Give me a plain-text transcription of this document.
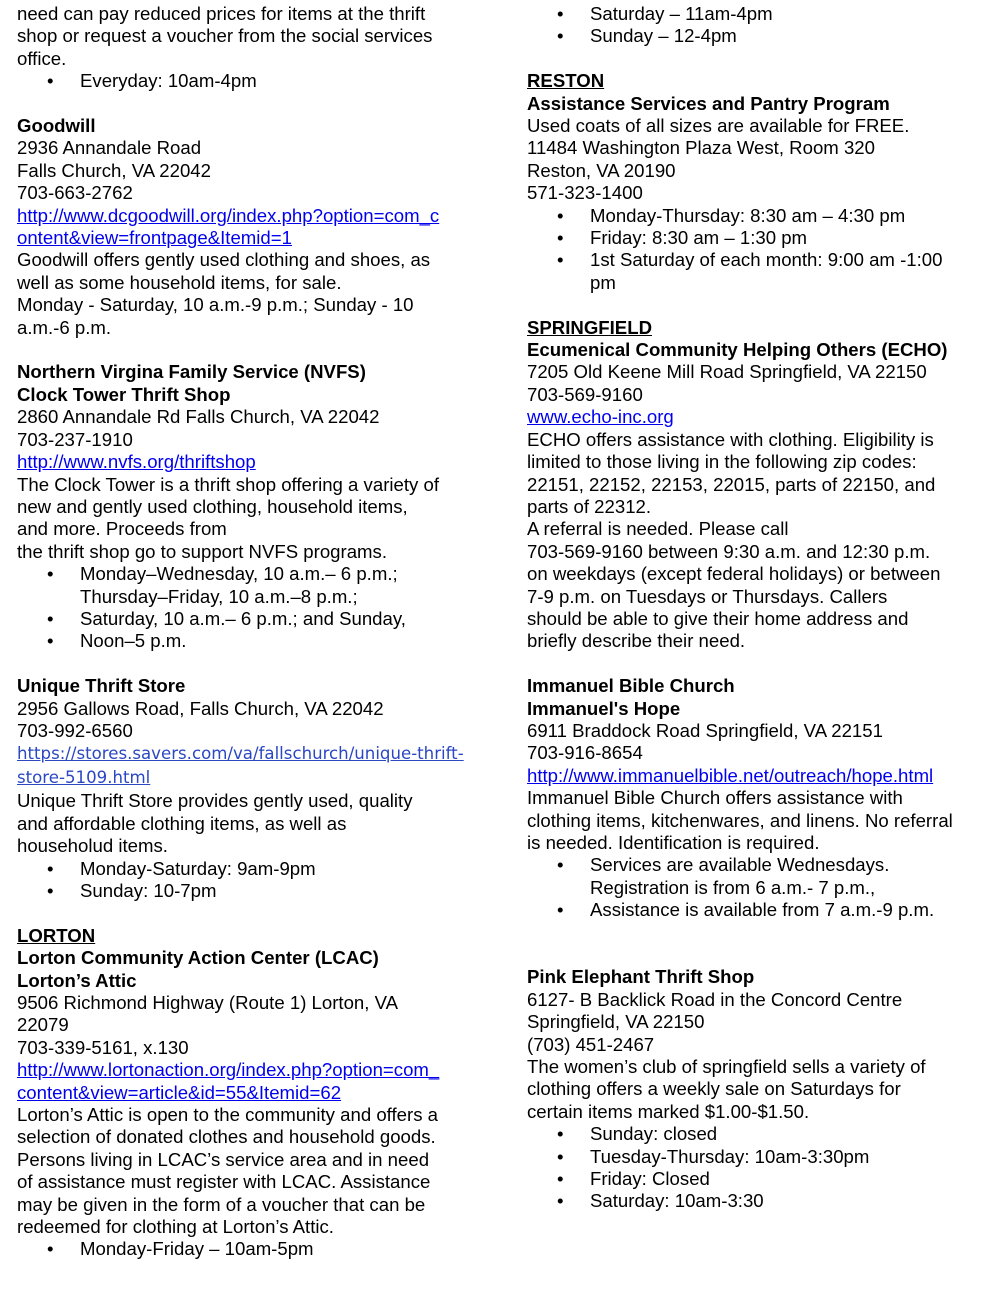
need can pay reduced prices for items at the thrift
shop or request a voucher from the social services
office.
• Everyday: 10am-4pm
Goodwill
2936 Annandale Road
Falls Church, VA 22042
703-663-2762
http://www.dcgoodwill.org/index.php?option=com_c
ontent&view=frontpage&Itemid=1
Goodwill offers gently used clothing and shoes, as
well as some household items, for sale.
Monday - Saturday, 10 a.m.-9 p.m.; Sunday - 10
a.m.-6 p.m.
Northern Virgina Family Service (NVFS)
Clock Tower Thrift Shop
2860 Annandale Rd Falls Church, VA 22042
703-237-1910
http://www.nvfs.org/thriftshop
The Clock Tower is a thrift shop offering a variety of
new and gently used clothing, household items,
and more. Proceeds from
the thrift shop go to support NVFS programs.
• Monday–Wednesday, 10 a.m.– 6 p.m.;
Thursday–Friday, 10 a.m.–8 p.m.;
• Saturday, 10 a.m.– 6 p.m.; and Sunday,
• Noon–5 p.m.
Unique Thrift Store
2956 Gallows Road, Falls Church, VA 22042
703-992-6560
https://stores.savers.com/va/fallschurch/unique-thrift-
store-5109.html
Unique Thrift Store provides gently used, quality
and affordable clothing items, as well as
householud items.
• Monday-Saturday: 9am-9pm
• Sunday: 10-7pm
LORTON
Lorton Community Action Center (LCAC)
Lorton’s Attic
9506 Richmond Highway (Route 1) Lorton, VA
22079
703-339-5161, x.130
http://www.lortonaction.org/index.php?option=com_
content&view=article&id=55&Itemid=62
Lorton’s Attic is open to the community and offers a
selection of donated clothes and household goods.
Persons living in LCAC’s service area and in need
of assistance must register with LCAC. Assistance
may be given in the form of a voucher that can be
redeemed for clothing at Lorton’s Attic.
• Monday-Friday – 10am-5pm
• Saturday – 11am-4pm
• Sunday – 12-4pm
RESTON
Assistance Services and Pantry Program
Used coats of all sizes are available for FREE.
11484 Washington Plaza West, Room 320
Reston, VA 20190
571-323-1400
• Monday-Thursday: 8:30 am – 4:30 pm
• Friday: 8:30 am – 1:30 pm
• 1st Saturday of each month: 9:00 am -1:00
pm
SPRINGFIELD
Ecumenical Community Helping Others (ECHO)
7205 Old Keene Mill Road Springfield, VA 22150
703-569-9160
www.echo-inc.org
ECHO offers assistance with clothing. Eligibility is
limited to those living in the following zip codes:
22151, 22152, 22153, 22015, parts of 22150, and
parts of 22312.
A referral is needed. Please call
703-569-9160 between 9:30 a.m. and 12:30 p.m.
on weekdays (except federal holidays) or between
7-9 p.m. on Tuesdays or Thursdays. Callers
should be able to give their home address and
briefly describe their need.
Immanuel Bible Church
Immanuel's Hope
6911 Braddock Road Springfield, VA 22151
703-916-8654
http://www.immanuelbible.net/outreach/hope.html
Immanuel Bible Church offers assistance with
clothing items, kitchenwares, and linens. No referral
is needed. Identification is required.
• Services are available Wednesdays.
Registration is from 6 a.m.- 7 p.m.,
• Assistance is available from 7 a.m.-9 p.m.
Pink Elephant Thrift Shop
6127- B Backlick Road in the Concord Centre
Springfield, VA 22150
(703) 451-2467
The women’s club of springfield sells a variety of
clothing offers a weekly sale on Saturdays for
certain items marked $1.00-$1.50.
• Sunday: closed
• Tuesday-Thursday: 10am-3:30pm
• Friday: Closed
• Saturday: 10am-3:30
